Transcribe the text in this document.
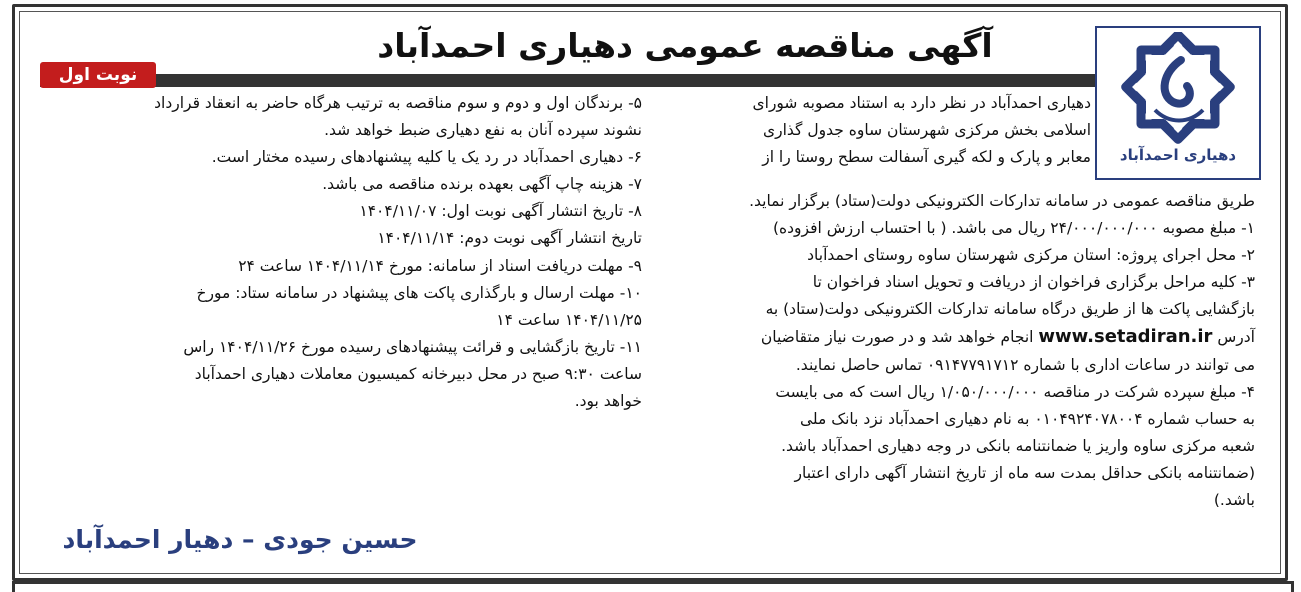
آگهی مناقصه عمومی دهیاری احمدآباد
نوبت اول
دهیاری احمدآباد

دهیاری احمدآباد در نظر دارد به استناد مصوبه شورای

اسلامی بخش مرکزی شهرستان ساوه جدول گذاری

معابر و پارک و لکه گیری آسفالت سطح روستا را از

طریق مناقصه عمومی در سامانه تدارکات الکترونیکی دولت(ستاد) برگزار نماید.

۱- مبلغ مصوبه ۲۴/۰۰۰/۰۰۰/۰۰۰ ریال می باشد. ( با احتساب ارزش افزوده)

۲- محل اجرای پروژه: استان مرکزی شهرستان ساوه روستای احمدآباد

۳- کلیه مراحل برگزاری فراخوان از دریافت و تحویل اسناد فراخوان تا

بازگشایی پاکت ها از طریق درگاه سامانه تدارکات الکترونیکی دولت(ستاد) به

آدرس www.setadiran.ir انجام خواهد شد و در صورت نیاز متقاضیان

می توانند در ساعات اداری با شماره ۰۹۱۴۷۷۹۱۷۱۲ تماس حاصل نمایند.

۴- مبلغ سپرده شرکت در مناقصه ۱/۰۵۰/۰۰۰/۰۰۰ ریال است که می بایست

به حساب شماره ۰۱۰۴۹۲۴۰۷۸۰۰۴ به نام دهیاری احمدآباد نزد بانک ملی

شعبه مرکزی ساوه واریز یا ضمانتنامه بانکی در وجه دهیاری احمدآباد باشد.

(ضمانتنامه بانکی حداقل بمدت سه ماه از تاریخ انتشار آگهی دارای اعتبار

باشد.)

۵- برندگان اول و دوم و سوم مناقصه به ترتیب هرگاه حاضر به انعقاد قرارداد

نشوند سپرده آنان به نفع دهیاری ضبط خواهد شد.

۶- دهیاری احمدآباد در رد یک یا کلیه پیشنهادهای رسیده مختار است.

۷- هزینه چاپ آگهی بعهده برنده مناقصه می باشد.

۸- تاریخ انتشار آگهی نوبت اول: ۱۴۰۴/۱۱/۰۷

تاریخ انتشار آگهی نوبت دوم: ۱۴۰۴/۱۱/۱۴

۹- مهلت دریافت اسناد از سامانه: مورخ ۱۴۰۴/۱۱/۱۴ ساعت ۲۴

۱۰- مهلت ارسال و بارگذاری پاکت های پیشنهاد در سامانه ستاد: مورخ

۱۴۰۴/۱۱/۲۵ ساعت ۱۴

۱۱- تاریخ بازگشایی و قرائت پیشنهادهای رسیده مورخ ۱۴۰۴/۱۱/۲۶ راس

ساعت ۹:۳۰ صبح در محل دبیرخانه کمیسیون معاملات دهیاری احمدآباد

خواهد بود.

حسین جودی – دهیار احمدآباد
